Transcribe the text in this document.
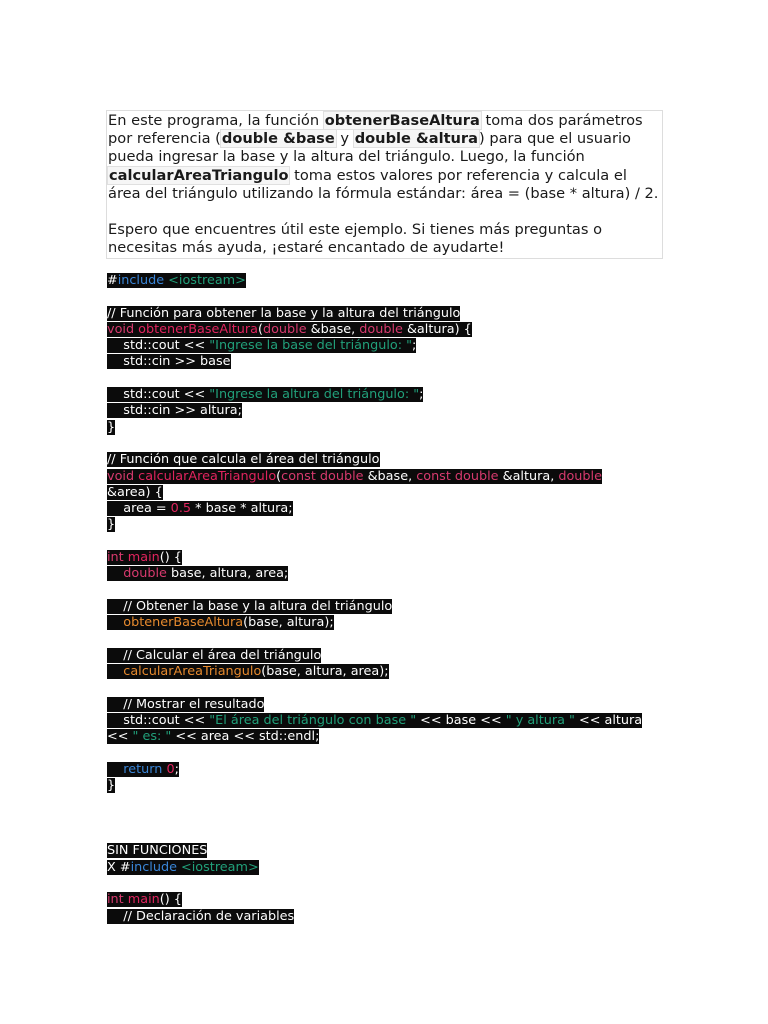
En este programa, la función obtenerBaseAltura toma dos parámetros por referencia (double &base y double &altura) para que el usuario pueda ingresar la base y la altura del triángulo. Luego, la función calcularAreaTriangulo toma estos valores por referencia y calcula el área del triángulo utilizando la fórmula estándar: área = (base * altura) / 2.

Espero que encuentres útil este ejemplo. Si tienes más preguntas o necesitas más ayuda, ¡estaré encantado de ayudarte!

#include <iostream>
// Función para obtener la base y la altura del triángulo
void obtenerBaseAltura(double &base, double &altura) {
std::cout << "Ingrese la base del triángulo: ";
std::cin >> base
std::cout << "Ingrese la altura del triángulo: ";
std::cin >> altura;
}
// Función que calcula el área del triángulo
void calcularAreaTriangulo(const double &base, const double &altura, double
&area) {
area = 0.5 * base * altura;
}
int main() {
double base, altura, area;
// Obtener la base y la altura del triángulo
obtenerBaseAltura(base, altura);
// Calcular el área del triángulo
calcularAreaTriangulo(base, altura, area);
// Mostrar el resultado
std::cout << "El área del triángulo con base " << base << " y altura " << altura
<< " es: " << area << std::endl;
return 0;
}
SIN FUNCIONES
X #include <iostream>
int main() {
// Declaración de variables
